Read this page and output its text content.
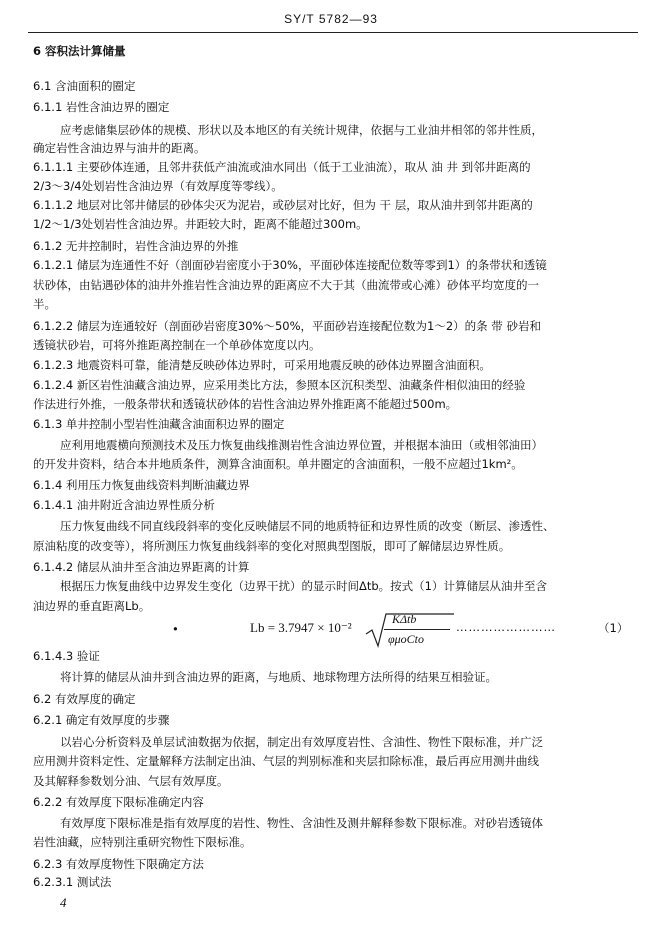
SY/T 5782—93
6 容积法计算储量
6.1 含油面积的圈定
6.1.1 岩性含油边界的圈定
应考虑储集层砂体的规模、形状以及本地区的有关统计规律，依据与工业油井相邻的邻井性质，
确定岩性含油边界与油井的距离。
6.1.1.1 主要砂体连通，且邻井获低产油流或油水同出（低于工业油流），取从 油 井 到邻井距离的
2/3～3/4处划岩性含油边界（有效厚度等零线）。
6.1.1.2 地层对比邻井储层的砂体尖灭为泥岩，或砂层对比好，但为 干 层，取从油井到邻井距离的
1/2～1/3处划岩性含油边界。井距较大时，距离不能超过300m。
6.1.2 无井控制时，岩性含油边界的外推
6.1.2.1 储层为连通性不好（剖面砂岩密度小于30%，平面砂体连接配位数等零到1）的条带状和透镜
状砂体，由钻遇砂体的油井外推岩性含油边界的距离应不大于其（曲流带或心滩）砂体平均宽度的一
半。
6.1.2.2 储层为连通较好（剖面砂岩密度30%～50%，平面砂岩连接配位数为1～2）的条 带 砂岩和
透镜状砂岩，可将外推距离控制在一个单砂体宽度以内。
6.1.2.3 地震资料可靠，能清楚反映砂体边界时，可采用地震反映的砂体边界圈含油面积。
6.1.2.4 新区岩性油藏含油边界，应采用类比方法，参照本区沉积类型、油藏条件相似油田的经验
作法进行外推，一般条带状和透镜状砂体的岩性含油边界外推距离不能超过500m。
6.1.3 单井控制小型岩性油藏含油面积边界的圈定
应利用地震横向预测技术及压力恢复曲线推测岩性含油边界位置，并根据本油田（或相邻油田）
的开发井资料，结合本井地质条件，测算含油面积。单井圈定的含油面积，一般不应超过1km²。
6.1.4 利用压力恢复曲线资料判断油藏边界
6.1.4.1 油井附近含油边界性质分析
压力恢复曲线不同直线段斜率的变化反映储层不同的地质特征和边界性质的改变（断层、渗透性、
原油粘度的改变等），将所测压力恢复曲线斜率的变化对照典型图版，即可了解储层边界性质。
6.1.4.2 储层从油井至含油边界距离的计算
根据压力恢复曲线中边界发生变化（边界干扰）的显示时间Δtb。按式（1）计算储层从油井至含
油边界的垂直距离Lb。
6.1.4.3 验证
将计算的储层从油井到含油边界的距离，与地质、地球物理方法所得的结果互相验证。
6.2 有效厚度的确定
6.2.1 确定有效厚度的步骤
以岩心分析资料及单层试油数据为依据，制定出有效厚度岩性、含油性、物性下限标准，并广泛
应用测井资料定性、定量解释方法制定出油、气层的判别标准和夹层扣除标准，最后再应用测井曲线
及其解释参数划分油、气层有效厚度。
6.2.2 有效厚度下限标准确定内容
有效厚度下限标准是指有效厚度的岩性、物性、含油性及测井解释参数下限标准。对砂岩透镜体
岩性油藏，应特别注重研究物性下限标准。
6.2.3 有效厚度物性下限确定方法
6.2.3.1 测试法
•	Lb = 3.7947 × 10⁻²
KΔtb
φμoCto
……………………	（1）
4
